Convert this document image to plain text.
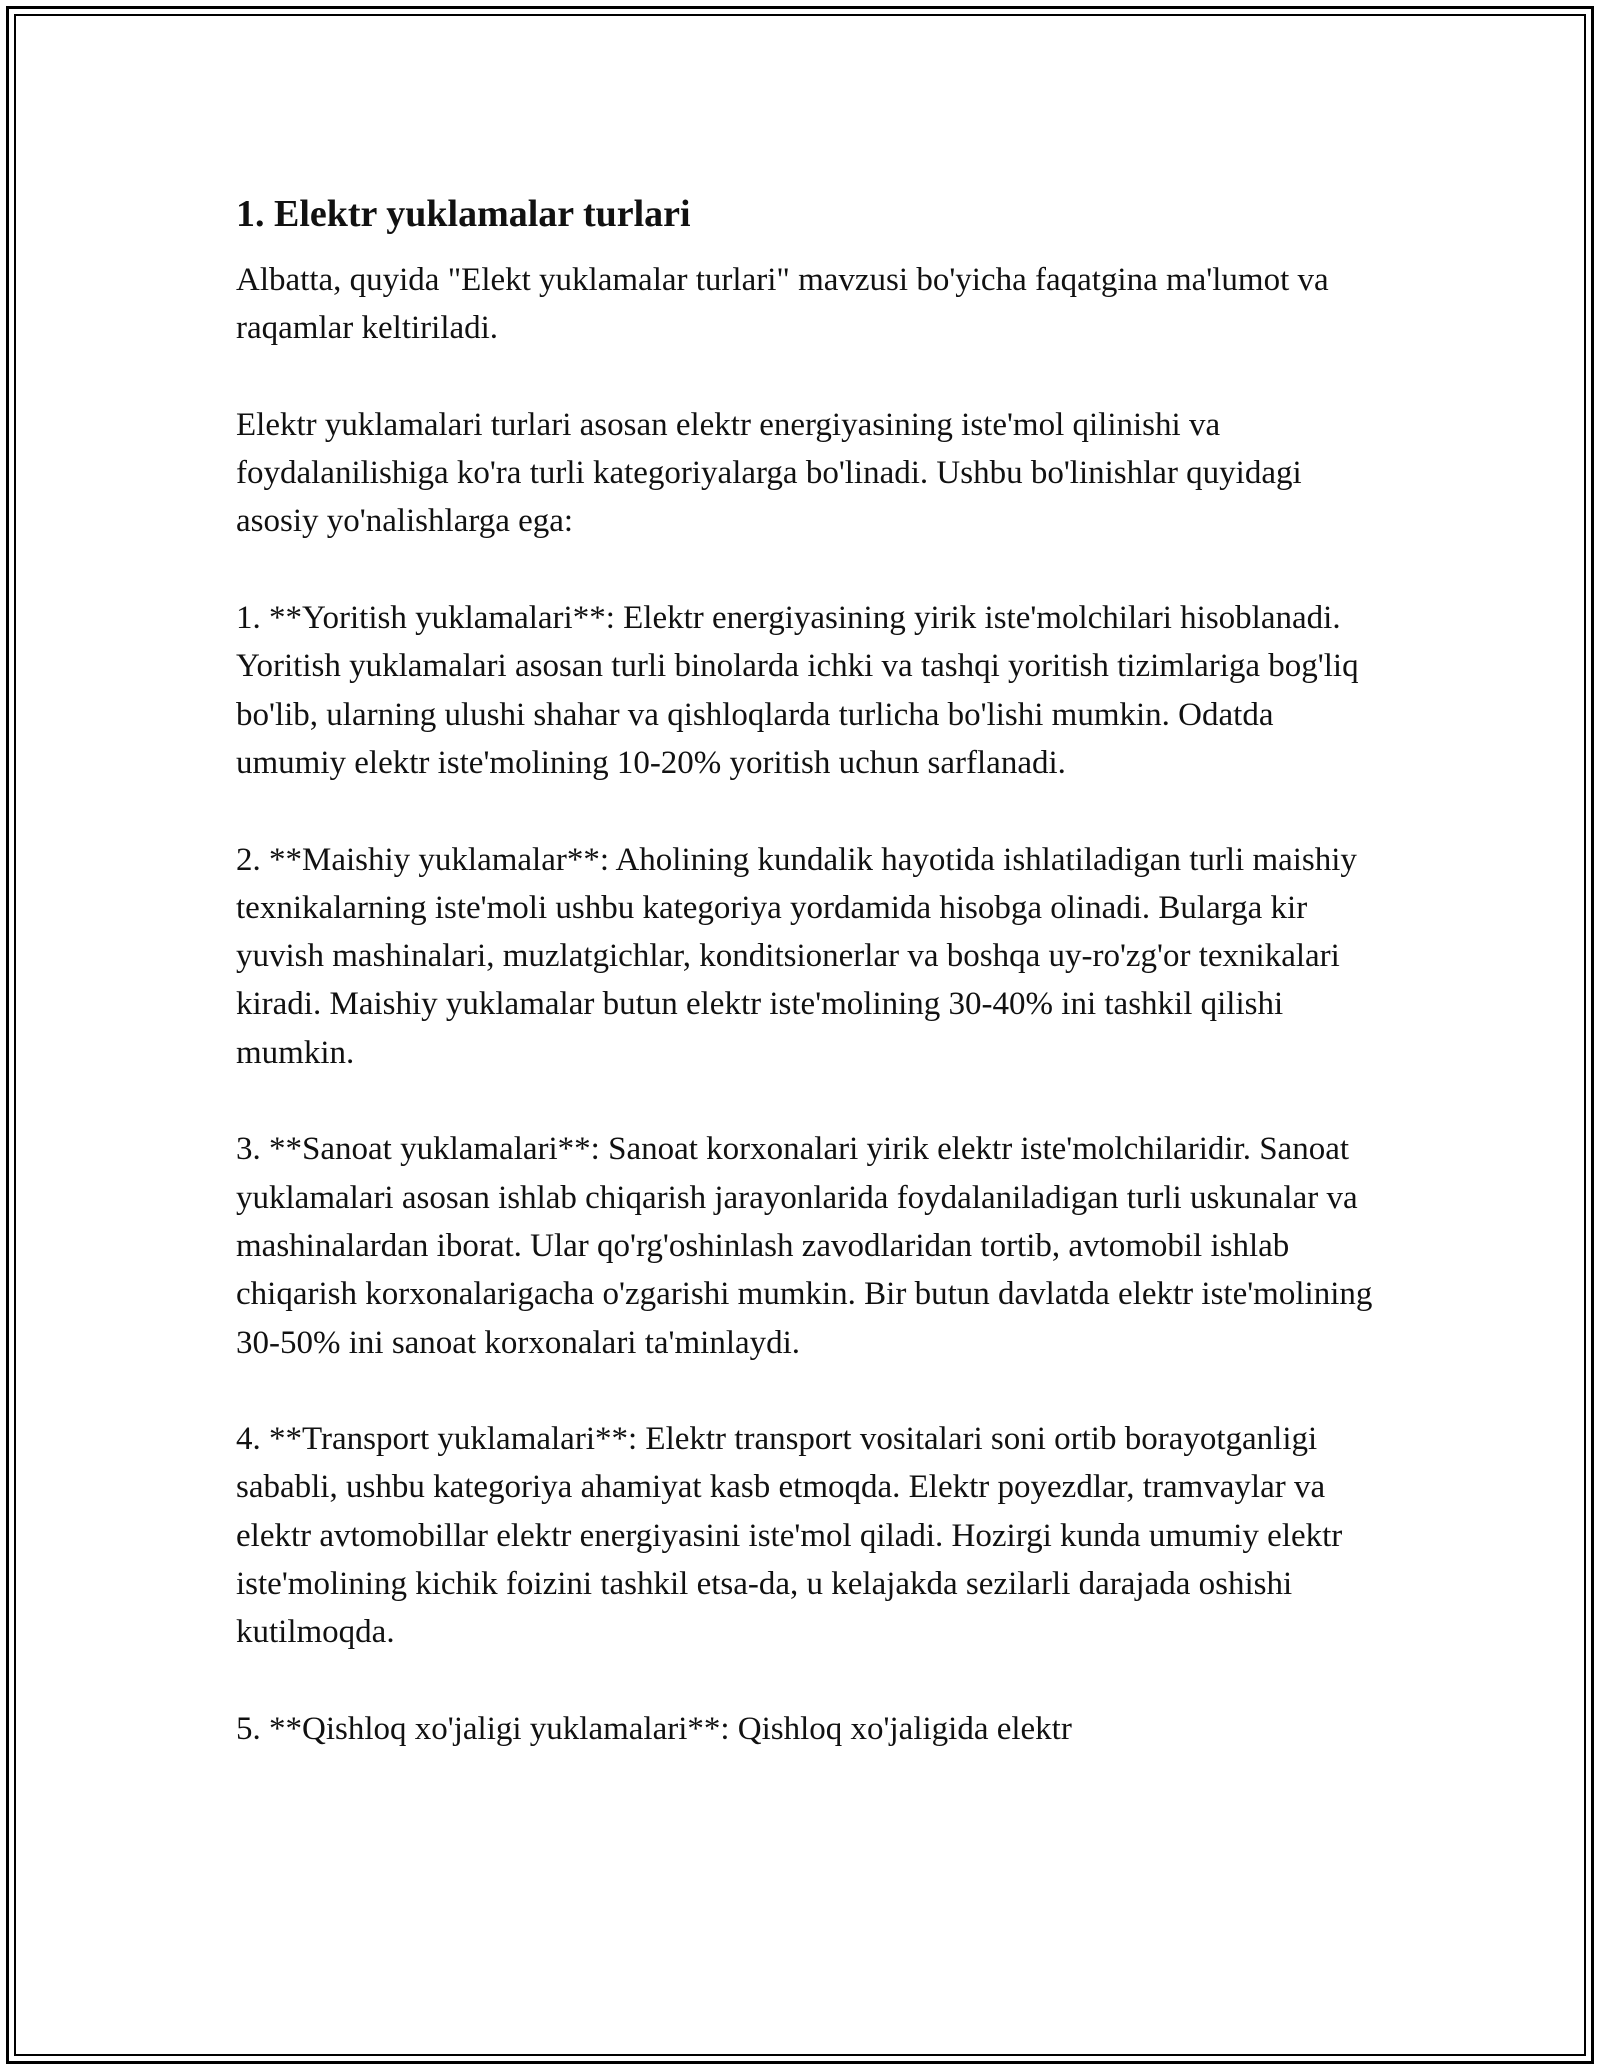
1. Elektr yuklamalar turlari

Albatta, quyida "Elekt yuklamalar turlari" mavzusi bo'yicha faqatgina ma'lumot va raqamlar keltiriladi.

Elektr yuklamalari turlari asosan elektr energiyasining iste'mol qilinishi va foydalanilishiga ko'ra turli kategoriyalarga bo'linadi. Ushbu bo'linishlar quyidagi asosiy yo'nalishlarga ega:

1. **Yoritish yuklamalari**: Elektr energiyasining yirik iste'molchilari hisoblanadi. Yoritish yuklamalari asosan turli binolarda ichki va tashqi yoritish tizimlariga bog'liq bo'lib, ularning ulushi shahar va qishloqlarda turlicha bo'lishi mumkin. Odatda umumiy elektr iste'molining 10-20% yoritish uchun sarflanadi.

2. **Maishiy yuklamalar**: Aholining kundalik hayotida ishlatiladigan turli maishiy texnikalarning iste'moli ushbu kategoriya yordamida hisobga olinadi. Bularga kir yuvish mashinalari, muzlatgichlar, konditsionerlar va boshqa uy-ro'zg'or texnikalari kiradi. Maishiy yuklamalar butun elektr iste'molining 30-40% ini tashkil qilishi mumkin.

3. **Sanoat yuklamalari**: Sanoat korxonalari yirik elektr iste'molchilaridir. Sanoat yuklamalari asosan ishlab chiqarish jarayonlarida foydalaniladigan turli uskunalar va mashinalardan iborat. Ular qo'rg'oshinlash zavodlaridan tortib, avtomobil ishlab chiqarish korxonalarigacha o'zgarishi mumkin. Bir butun davlatda elektr iste'molining 30-50% ini sanoat korxonalari ta'minlaydi.

4. **Transport yuklamalari**: Elektr transport vositalari soni ortib borayotganligi sababli, ushbu kategoriya ahamiyat kasb etmoqda. Elektr poyezdlar, tramvaylar va elektr avtomobillar elektr energiyasini iste'mol qiladi. Hozirgi kunda umumiy elektr iste'molining kichik foizini tashkil etsa-da, u kelajakda sezilarli darajada oshishi kutilmoqda.

5. **Qishloq xo'jaligi yuklamalari**: Qishloq xo'jaligida elektr
